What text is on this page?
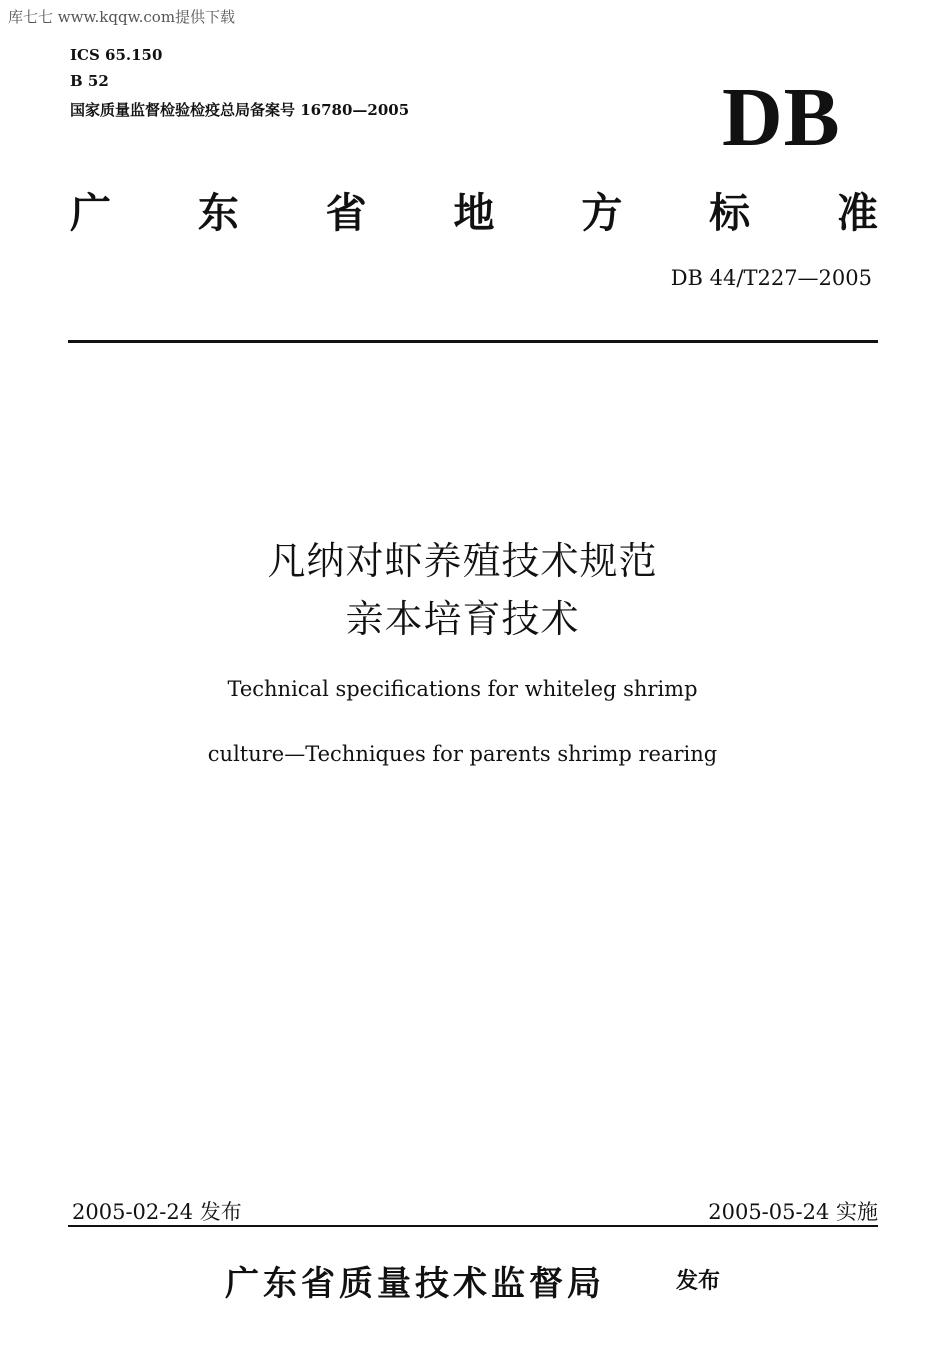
库七七 www.kqqw.com提供下载
ICS 65.150
B 52
国家质量监督检验检疫总局备案号 16780—2005	DB
广 东 省 地 方 标 准
DB 44/T227—2005
凡纳对虾养殖技术规范
亲本培育技术
Technical specifications for whiteleg shrimp
culture—Techniques for parents shrimp rearing
2005-02-24 发布	2005-05-24 实施
广东省质量技术监督局	发布
